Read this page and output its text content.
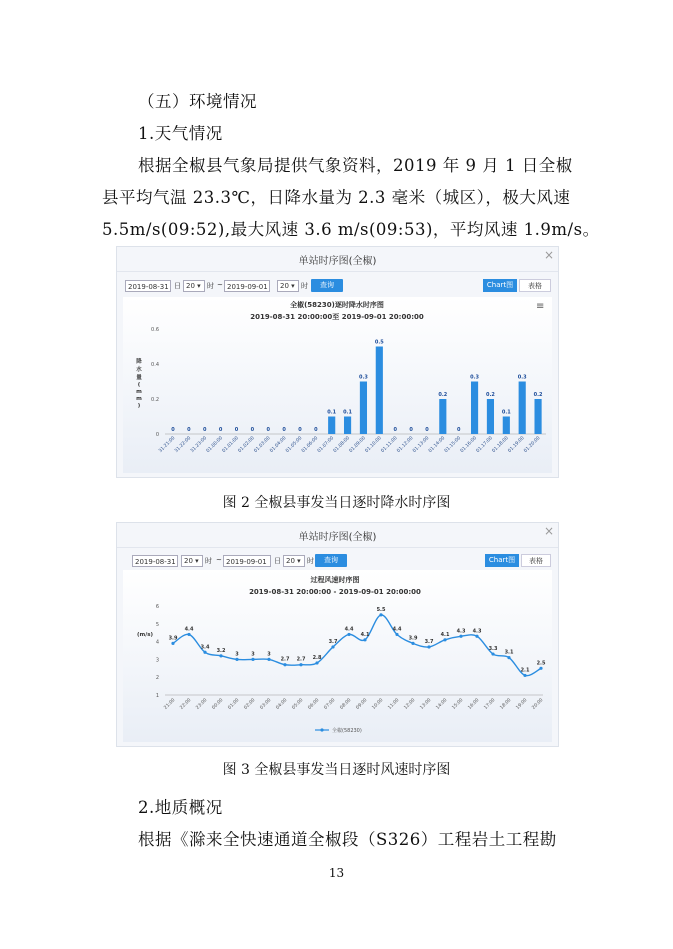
（五）环境情况
1.天气情况
根据全椒县气象局提供气象资料，2019 年 9 月 1 日全椒
县平均气温 23.3℃，日降水量为 2.3 毫米（城区），极大风速
5.5m/s(09:52),最大风速 3.6 m/s(09:53)，平均风速 1.9m/s。
单站时序图(全椒)	×
2019-08-31 日 20 ▾ 时 ~ 2019-09-01	20 ▾ 时	查询	Chart图	表格
≡
全椒(58230)逐时降水时序图
2019-08-31 20:00:00至 2019-09-01 20:00:00
降水量( m m )
0
0.2
0.4
0.6
0
31.21:00
0
31.22:00
0
31.23:00
0
01.00:00
0
01.01:00
0
01.02:00
0
01.03:00
0
01.04:00
0
01.05:00
0
01.06:00
0.1
01.07:00
0.1
01.08:00
0.3
01.09:00
0.5
01.10:00
0
01.11:00
0
01.12:00
0
01.13:00
0.2
01.14:00
0
01.15:00
0.3
01.16:00
0.2
01.17:00
0.1
01.18:00
0.3
01.19:00
0.2
01.20:00
图 2 全椒县事发当日逐时降水时序图
单站时序图(全椒)	×
2019-08-31	20 ▾ 时 ~ 2019-09-01	日 20 ▾ 时	查询	Chart图	表格
过程风速时序图
2019-08-31 20:00:00 - 2019-09-01 20:00:00
(m/s)
1
2
3
4
5
6
3.9
21:00
4.4
22:00
3.4
23:00
3.2
00:00
3
01:00
3
02:00
3
03:00
2.7
04:00
2.7
05:00
2.8
06:00
3.7
07:00
4.4
08:00
4.1
09:00
5.5
10:00
4.4
11:00
3.9
12:00
3.7
13:00
4.1
14:00
4.3
15:00
4.3
16:00
3.3
17:00
3.1
18:00
2.1
19:00
2.5
20:00
全椒(58230)
图 3 全椒县事发当日逐时风速时序图
2.地质概况
根据《滁来全快速通道全椒段（S326）工程岩土工程勘
13
